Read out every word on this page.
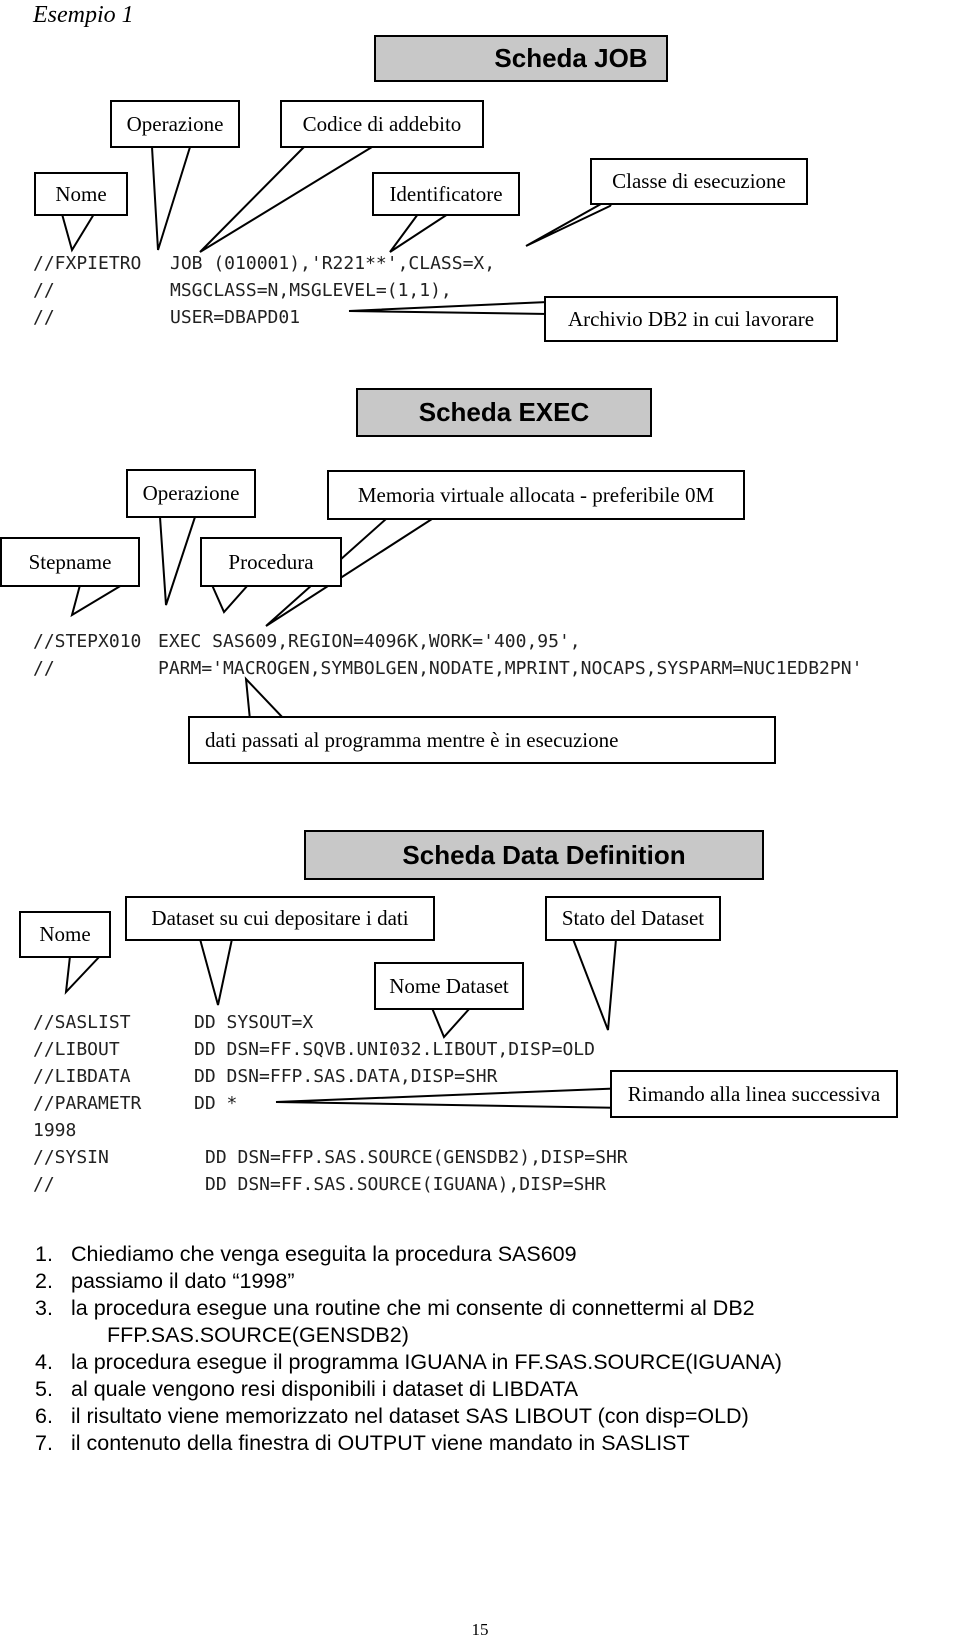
Esempio 1
Scheda JOB
Operazione	Codice di addebito
Nome	Identificatore
Classe di esecuzione
Archivio DB2 in cui lavorare
//FXPIETRO JOB (010001),'R221**',CLASS=X,
//	MSGCLASS=N,MSGLEVEL=(1,1),
//	USER=DBAPD01
Scheda EXEC
Operazione	Memoria virtuale allocata - preferibile 0M
Stepname	Procedura
//STEPX010 EXEC SAS609,REGION=4096K,WORK='400,95',
//	PARM='MACROGEN,SYMBOLGEN,NODATE,MPRINT,NOCAPS,SYSPARM=NUC1EDB2PN'
dati passati al programma mentre è in esecuzione
Scheda Data Definition
Nome
Dataset su cui depositare i dati	Stato del Dataset
Nome Dataset
Rimando alla linea successiva
//SASLIST	DD SYSOUT=X
//LIBOUT	DD DSN=FF.SQVB.UNI032.LIBOUT,DISP=OLD
//LIBDATA	DD DSN=FFP.SAS.DATA,DISP=SHR
//PARAMETR	DD *
1998
//SYSIN	DD DSN=FFP.SAS.SOURCE(GENSDB2),DISP=SHR
//	DD DSN=FF.SAS.SOURCE(IGUANA),DISP=SHR
1. Chiediamo che venga eseguita la procedura SAS609
2. passiamo il dato “1998”
3. la procedura esegue una routine che mi consente di connettermi al DB2
FFP.SAS.SOURCE(GENSDB2)
4. la procedura esegue il programma IGUANA in FF.SAS.SOURCE(IGUANA)
5. al quale vengono resi disponibili i dataset di LIBDATA
6. il risultato viene memorizzato nel dataset SAS LIBOUT (con disp=OLD)
7. il contenuto della finestra di OUTPUT viene mandato in SASLIST
15
